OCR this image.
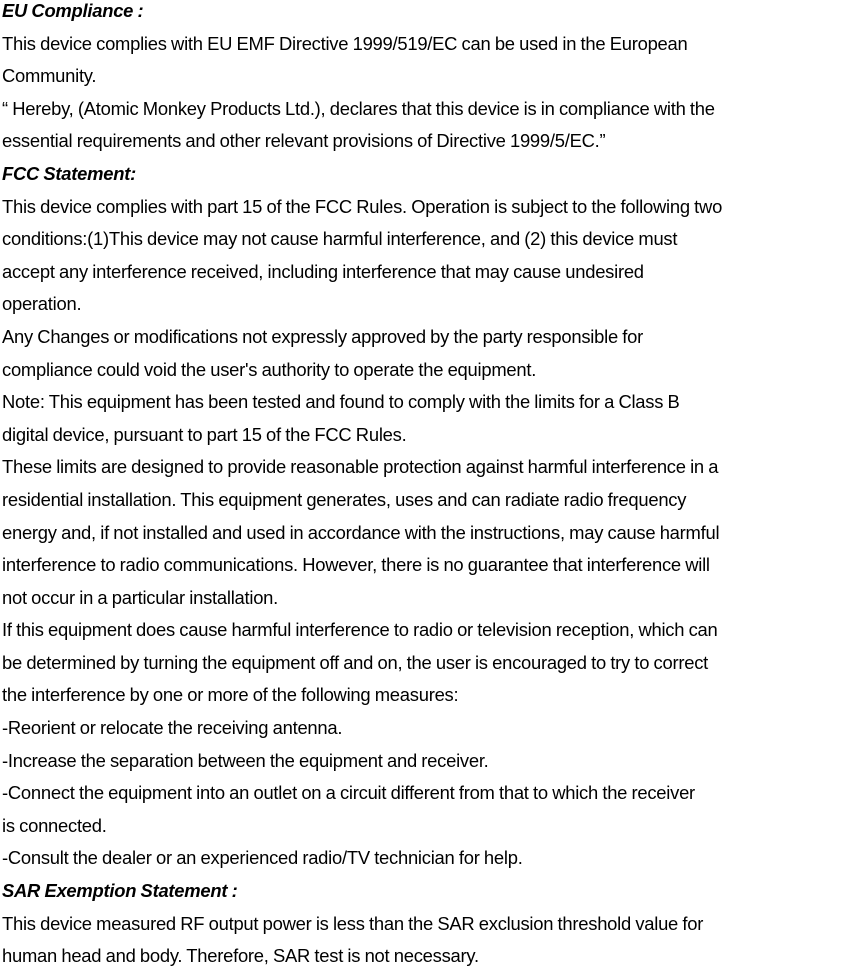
EU Compliance :
This device complies with EU EMF Directive 1999/519/EC can be used in the European
Community.
“ Hereby, (Atomic Monkey Products Ltd.), declares that this device is in compliance with the
essential requirements and other relevant provisions of Directive 1999/5/EC.”
FCC Statement:
This device complies with part 15 of the FCC Rules. Operation is subject to the following two
conditions:(1)This device may not cause harmful interference, and (2) this device must
accept any interference received, including interference that may cause undesired
operation.
Any Changes or modifications not expressly approved by the party responsible for
compliance could void the user's authority to operate the equipment.
Note: This equipment has been tested and found to comply with the limits for a Class B
digital device, pursuant to part 15 of the FCC Rules.
These limits are designed to provide reasonable protection against harmful interference in a
residential installation. This equipment generates, uses and can radiate radio frequency
energy and, if not installed and used in accordance with the instructions, may cause harmful
interference to radio communications. However, there is no guarantee that interference will
not occur in a particular installation.
If this equipment does cause harmful interference to radio or television reception, which can
be determined by turning the equipment off and on, the user is encouraged to try to correct
the interference by one or more of the following measures:
-Reorient or relocate the receiving antenna.
-Increase the separation between the equipment and receiver.
-Connect the equipment into an outlet on a circuit different from that to which the receiver
is connected.
-Consult the dealer or an experienced radio/TV technician for help.
SAR Exemption Statement :
This device measured RF output power is less than the SAR exclusion threshold value for
human head and body. Therefore, SAR test is not necessary.
